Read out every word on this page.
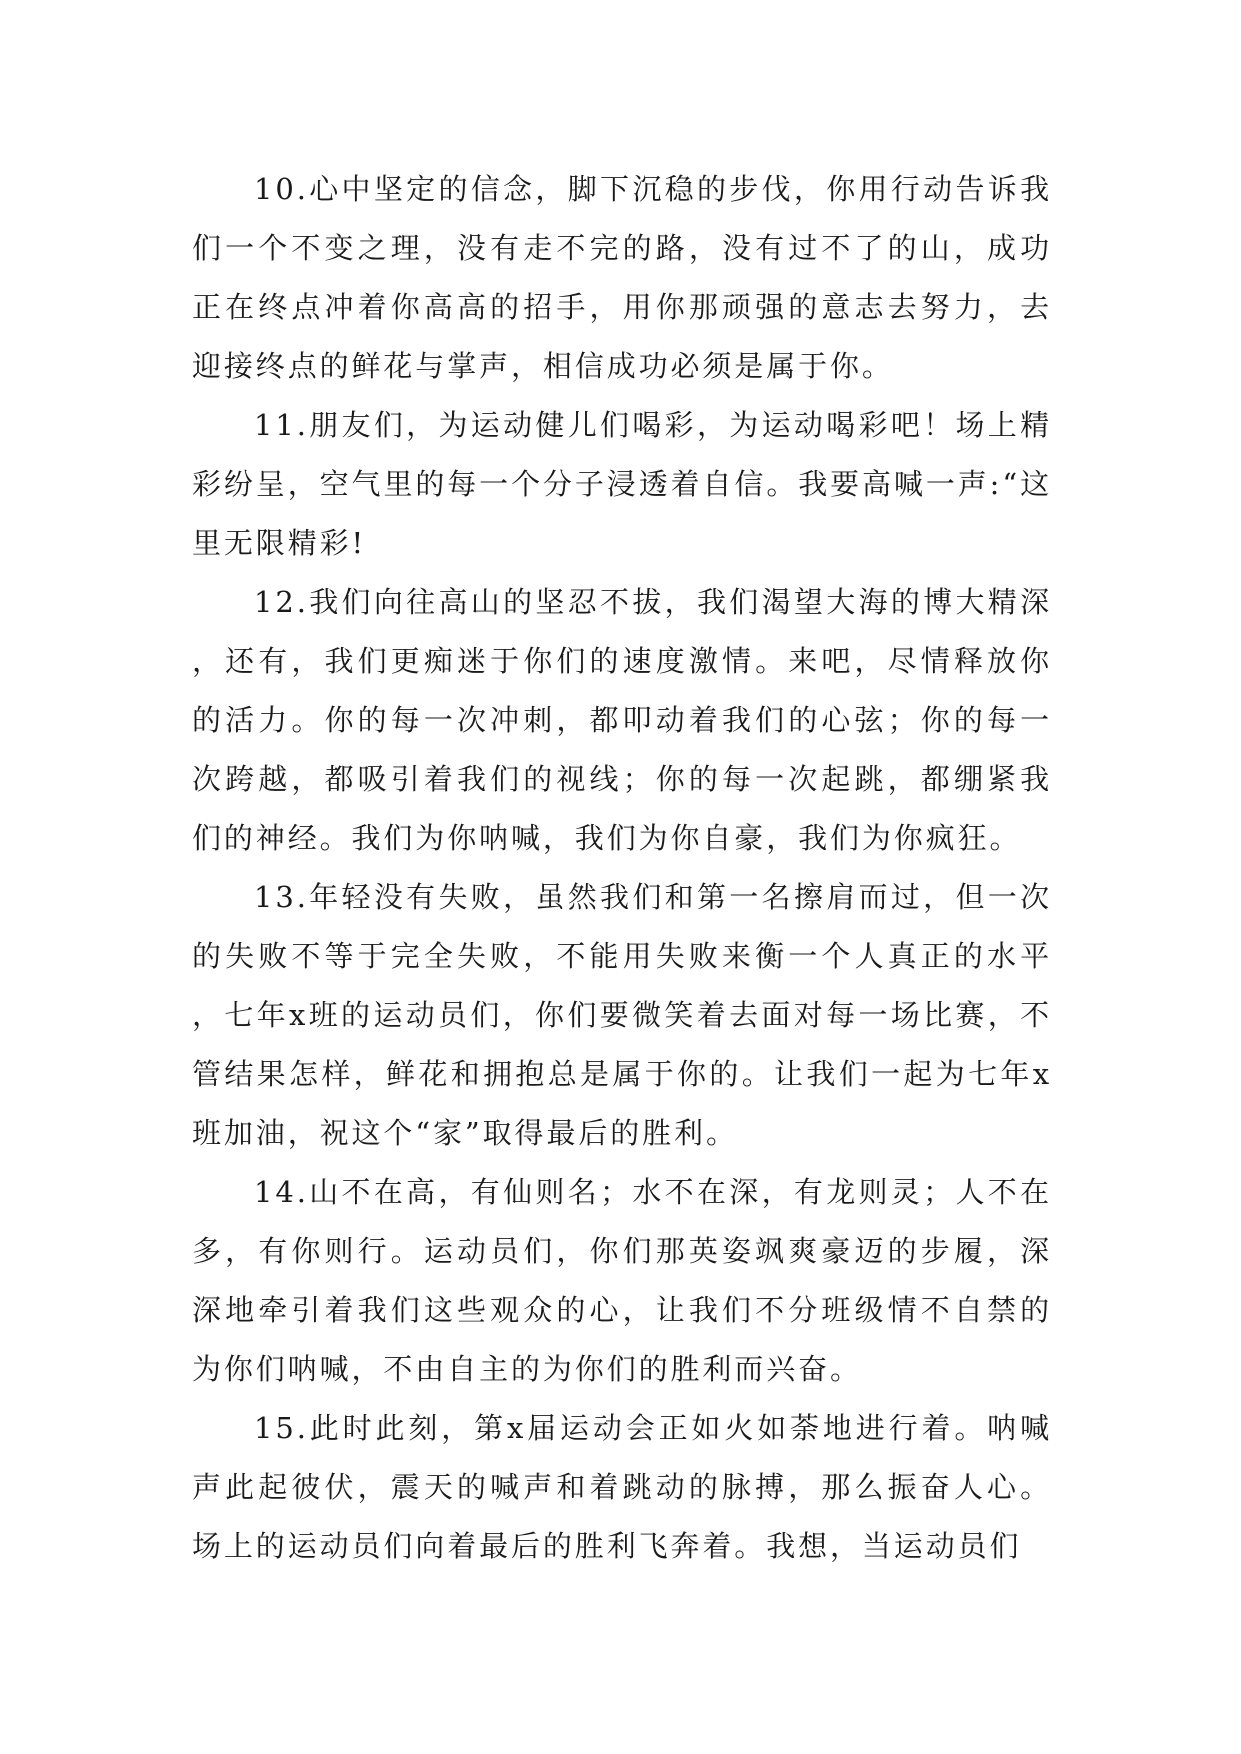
10.心中坚定的信念，脚下沉稳的步伐，你用行动告诉我们一个不变之理，没有走不完的路，没有过不了的山，成功正在终点冲着你高高的招手，用你那顽强的意志去努力，去迎接终点的鲜花与掌声，相信成功必须是属于你。

11.朋友们，为运动健儿们喝彩，为运动喝彩吧！场上精彩纷呈，空气里的每一个分子浸透着自信。我要高喊一声:“这里无限精彩!

12.我们向往高山的坚忍不拔，我们渴望大海的博大精深，还有，我们更痴迷于你们的速度激情。来吧，尽情释放你的活力。你的每一次冲刺，都叩动着我们的心弦；你的每一次跨越，都吸引着我们的视线；你的每一次起跳，都绷紧我们的神经。我们为你呐喊，我们为你自豪，我们为你疯狂。

13.年轻没有失败，虽然我们和第一名擦肩而过，但一次的失败不等于完全失败，不能用失败来衡一个人真正的水平，七年x班的运动员们，你们要微笑着去面对每一场比赛，不管结果怎样，鲜花和拥抱总是属于你的。让我们一起为七年x班加油，祝这个“家”取得最后的胜利。

14.山不在高，有仙则名；水不在深，有龙则灵；人不在多，有你则行。运动员们，你们那英姿飒爽豪迈的步履，深深地牵引着我们这些观众的心，让我们不分班级情不自禁的为你们呐喊，不由自主的为你们的胜利而兴奋。

15.此时此刻，第x届运动会正如火如荼地进行着。呐喊声此起彼伏，震天的喊声和着跳动的脉搏，那么振奋人心。场上的运动员们向着最后的胜利飞奔着。我想，当运动员们
